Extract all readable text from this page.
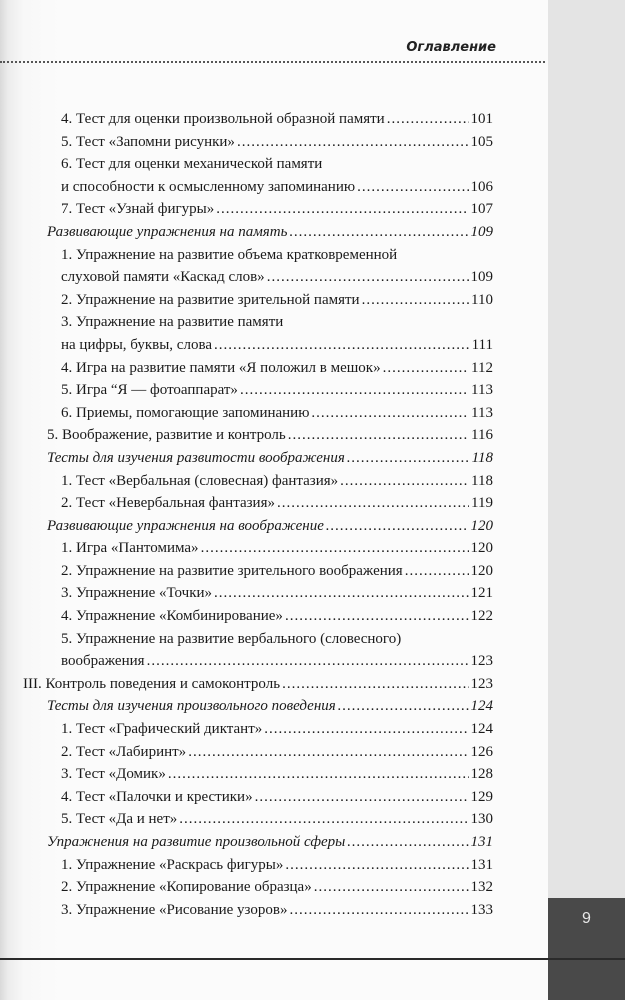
9
Оглавление
4. Тест для оценки произвольной образной памяти .....	101
5. Тест «Запомни рисунки» .....	105
6. Тест для оценки механической памяти
и способности к осмысленному запоминанию .....	106
7. Тест «Узнай фигуры» .....	107
Развивающие упражнения на память .....	109
1. Упражнение на развитие объема кратковременной
слуховой памяти «Каскад слов» .....	109
2. Упражнение на развитие зрительной памяти .....	110
3. Упражнение на развитие памяти
на цифры, буквы, слова .....	111
4. Игра на развитие памяти «Я положил в мешок» .....	112
5. Игра “Я — фотоаппарат» .....	113
6. Приемы, помогающие запоминанию .....	113
5. Воображение, развитие и контроль .....	116
Тесты для изучения развитости воображения .....	118
1. Тест «Вербальная (словесная) фантазия» .....	118
2. Тест «Невербальная фантазия» .....	119
Развивающие упражнения на воображение .....	120
1. Игра «Пантомима» .....	120
2. Упражнение на развитие зрительного воображения .....	120
3. Упражнение «Точки» .....	121
4. Упражнение «Комбинирование» .....	122
5. Упражнение на развитие вербального (словесного)
воображения .....	123
III. Контроль поведения и самоконтроль .....	123
Тесты для изучения произвольного поведения .....	124
1. Тест «Графический диктант» .....	124
2. Тест «Лабиринт» .....	126
3. Тест «Домик» .....	128
4. Тест «Палочки и крестики» .....	129
5. Тест «Да и нет» .....	130
Упражнения на развитие произвольной сферы .....	131
1. Упражнение «Раскрась фигуры» .....	131
2. Упражнение «Копирование образца» .....	132
3. Упражнение «Рисование узоров» .....	133
